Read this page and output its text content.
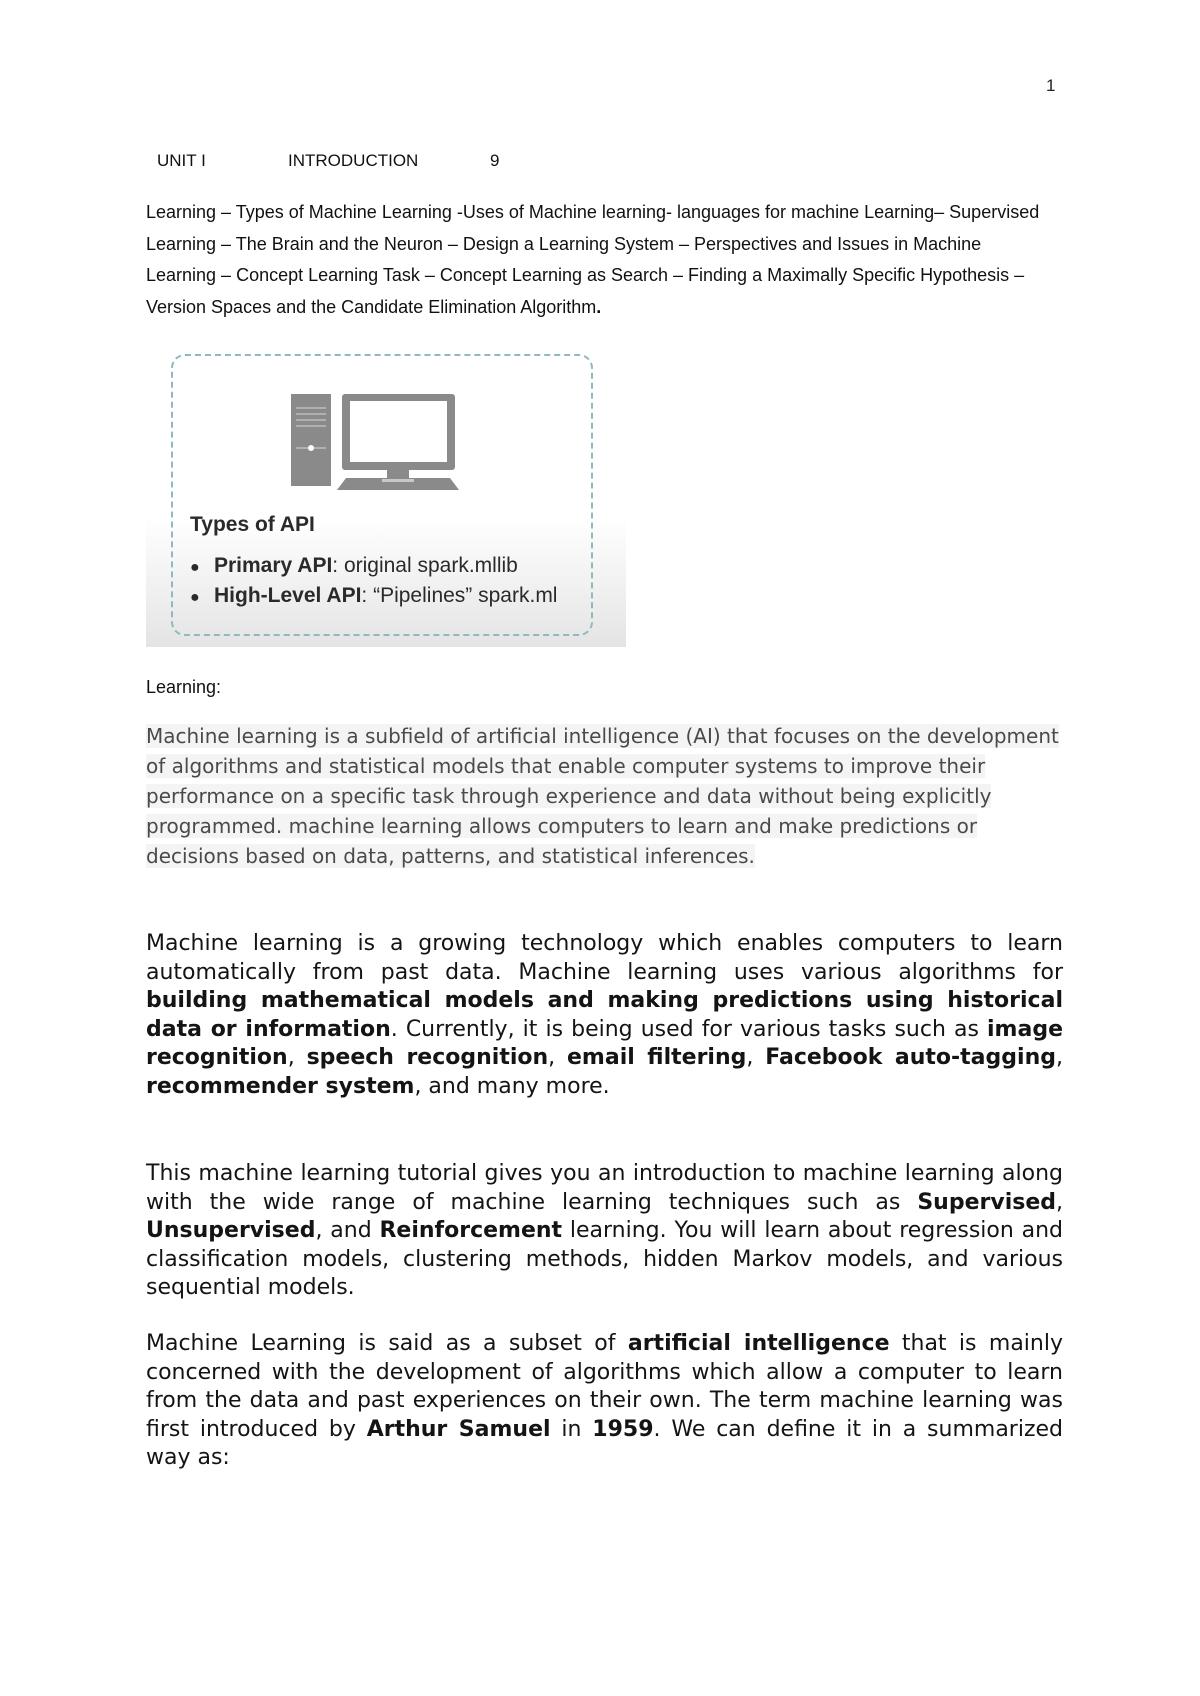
1
UNIT I	INTRODUCTION	9
Learning – Types of Machine Learning -Uses of Machine learning- languages for machine Learning– Supervised Learning – The Brain and the Neuron – Design a Learning System – Perspectives and Issues in Machine Learning – Concept Learning Task – Concept Learning as Search – Finding a Maximally Specific Hypothesis – Version Spaces and the Candidate Elimination Algorithm.
Types of API
● Primary API: original spark.mllib
● High-Level API: “Pipelines” spark.ml
Learning:

Machine learning is a subfield of artificial intelligence (AI) that focuses on the development of algorithms and statistical models that enable computer systems to improve their performance on a specific task through experience and data without being explicitly programmed. machine learning allows computers to learn and make predictions or decisions based on data, patterns, and statistical inferences.

Machine learning is a growing technology which enables computers to learn automatically from past data. Machine learning uses various algorithms for building mathematical models and making predictions using historical data or information. Currently, it is being used for various tasks such as image recognition, speech recognition, email filtering, Facebook auto-tagging, recommender system, and many more.

This machine learning tutorial gives you an introduction to machine learning along with the wide range of machine learning techniques such as Supervised, Unsupervised, and Reinforcement learning. You will learn about regression and classification models, clustering methods, hidden Markov models, and various sequential models.

Machine Learning is said as a subset of artificial intelligence that is mainly concerned with the development of algorithms which allow a computer to learn from the data and past experiences on their own. The term machine learning was first introduced by Arthur Samuel in 1959. We can define it in a summarized way as:
